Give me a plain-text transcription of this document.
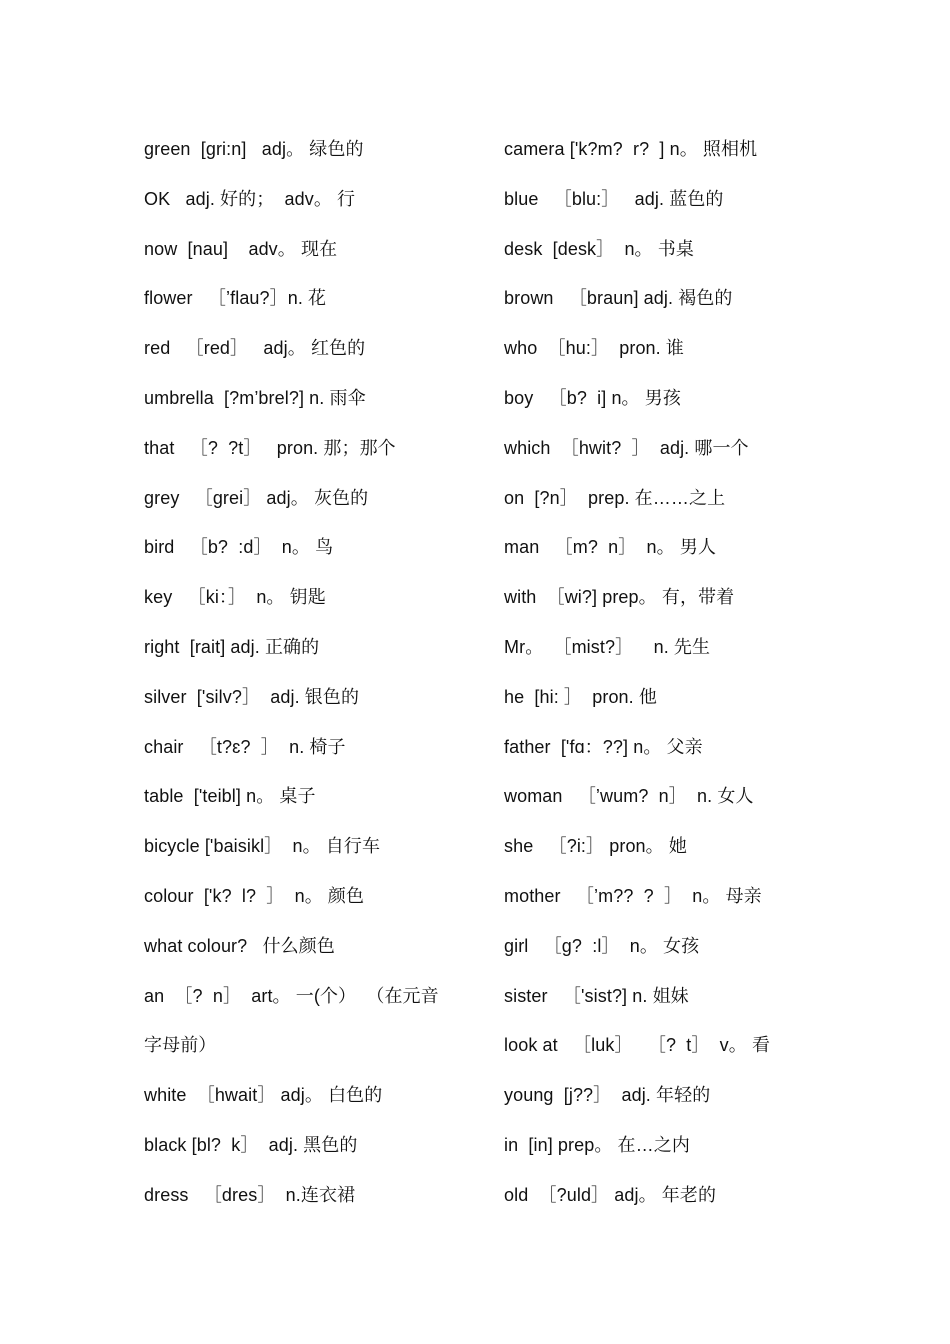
green  [gri:n]   adj。 绿色的
OK   adj. 好的；  adv。 行
now  [nau]    adv。 现在
flower   ［’flau?］n. 花
red   ［red］   adj。 红色的
umbrella  [?m’brel?] n. 雨伞
that   ［?  ?t］   pron. 那；那个
grey   ［grei］ adj。 灰色的
bird   ［b?  :d］  n。 鸟
key   ［ki：］  n。 钥匙
right  [rait] adj. 正确的
silver  ['silv?］  adj. 银色的
chair   ［t?ɛ?  ］  n. 椅子
table  ['teibl] n。 桌子
bicycle ['baisikl］  n。 自行车
colour  ['k?  l?  ］  n。 颜色
what colour?   什么颜色
an  ［?  n］  art。 一(个）  （在元音
字母前）
white  ［hwait］ adj。 白色的
black [bl?  k］  adj. 黑色的
dress   ［dres］  n.连衣裙
camera ['k?m?  r?  ] n。 照相机
blue   ［blu:］   adj. 蓝色的
desk  [desk］  n。 书桌
brown   ［braun] adj. 褐色的
who  ［hu:］  pron. 谁
boy   ［b?  i] n。 男孩
which  ［hwit?  ］  adj. 哪一个
on  [?n］  prep. 在……之上
man   ［m?  n］  n。 男人
with  ［wi?] prep。 有，带着
Mr。  ［mist?］    n. 先生
he  [hi: ］  pron. 他
father  ['fɑ：??] n。 父亲
woman   ［’wum?  n］  n. 女人
she   ［?i:］ pron。 她
mother   ［’m??  ?  ］  n。 母亲
girl   ［g?  :l］  n。 女孩
sister   ［'sist?] n. 姐妹
look at   ［luk］   ［?  t］  v。 看
young  [j??］  adj. 年轻的
in  [in] prep。 在…之内
old  ［?uld］ adj。 年老的
